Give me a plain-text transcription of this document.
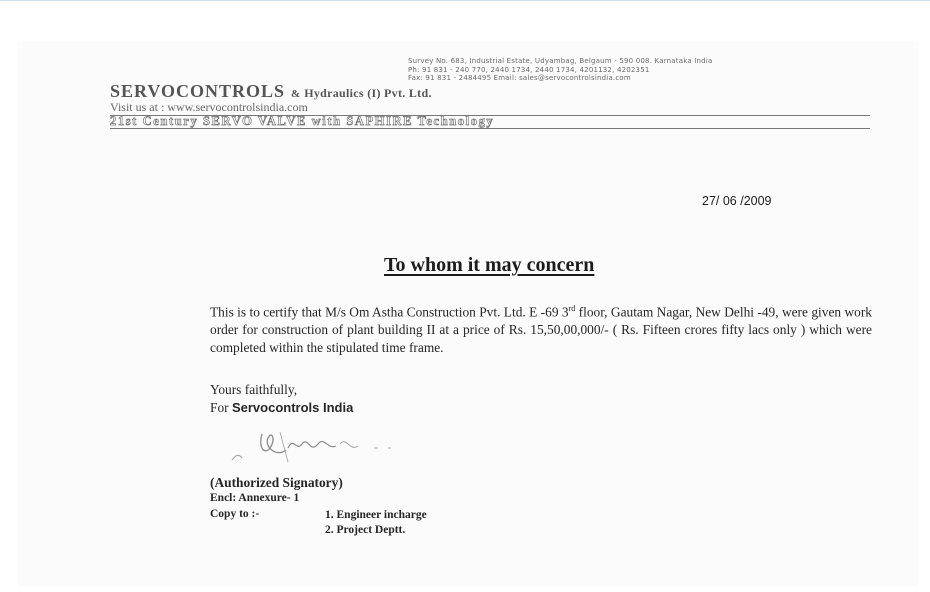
Survey No. 683, Industrial Estate, Udyambag, Belgaum - 590 008. Karnataka India
Ph: 91 831 - 240 770, 2440 1734, 2440 1734, 4201132, 4202351
Fax: 91 831 - 2484495 Email: sales@servocontrolsindia.com
SERVOCONTROLS & Hydraulics (I) Pvt. Ltd.
Visit us at : www.servocontrolsindia.com
21st Century SERVO VALVE with SAPHIRE Technology
27/ 06 /2009
To whom it may concern
This is to certify that M/s Om Astha Construction Pvt. Ltd. E -69 3rd floor, Gautam Nagar, New Delhi -49, were given work order for construction of plant building II at a price of Rs. 15,50,00,000/- ( Rs. Fifteen crores fifty lacs only ) which were completed within the stipulated time frame.
Yours faithfully,
For Servocontrols India
(Authorized Signatory)
Encl: Annexure- 1
Copy to :-	1. Engineer incharge
2. Project Deptt.
